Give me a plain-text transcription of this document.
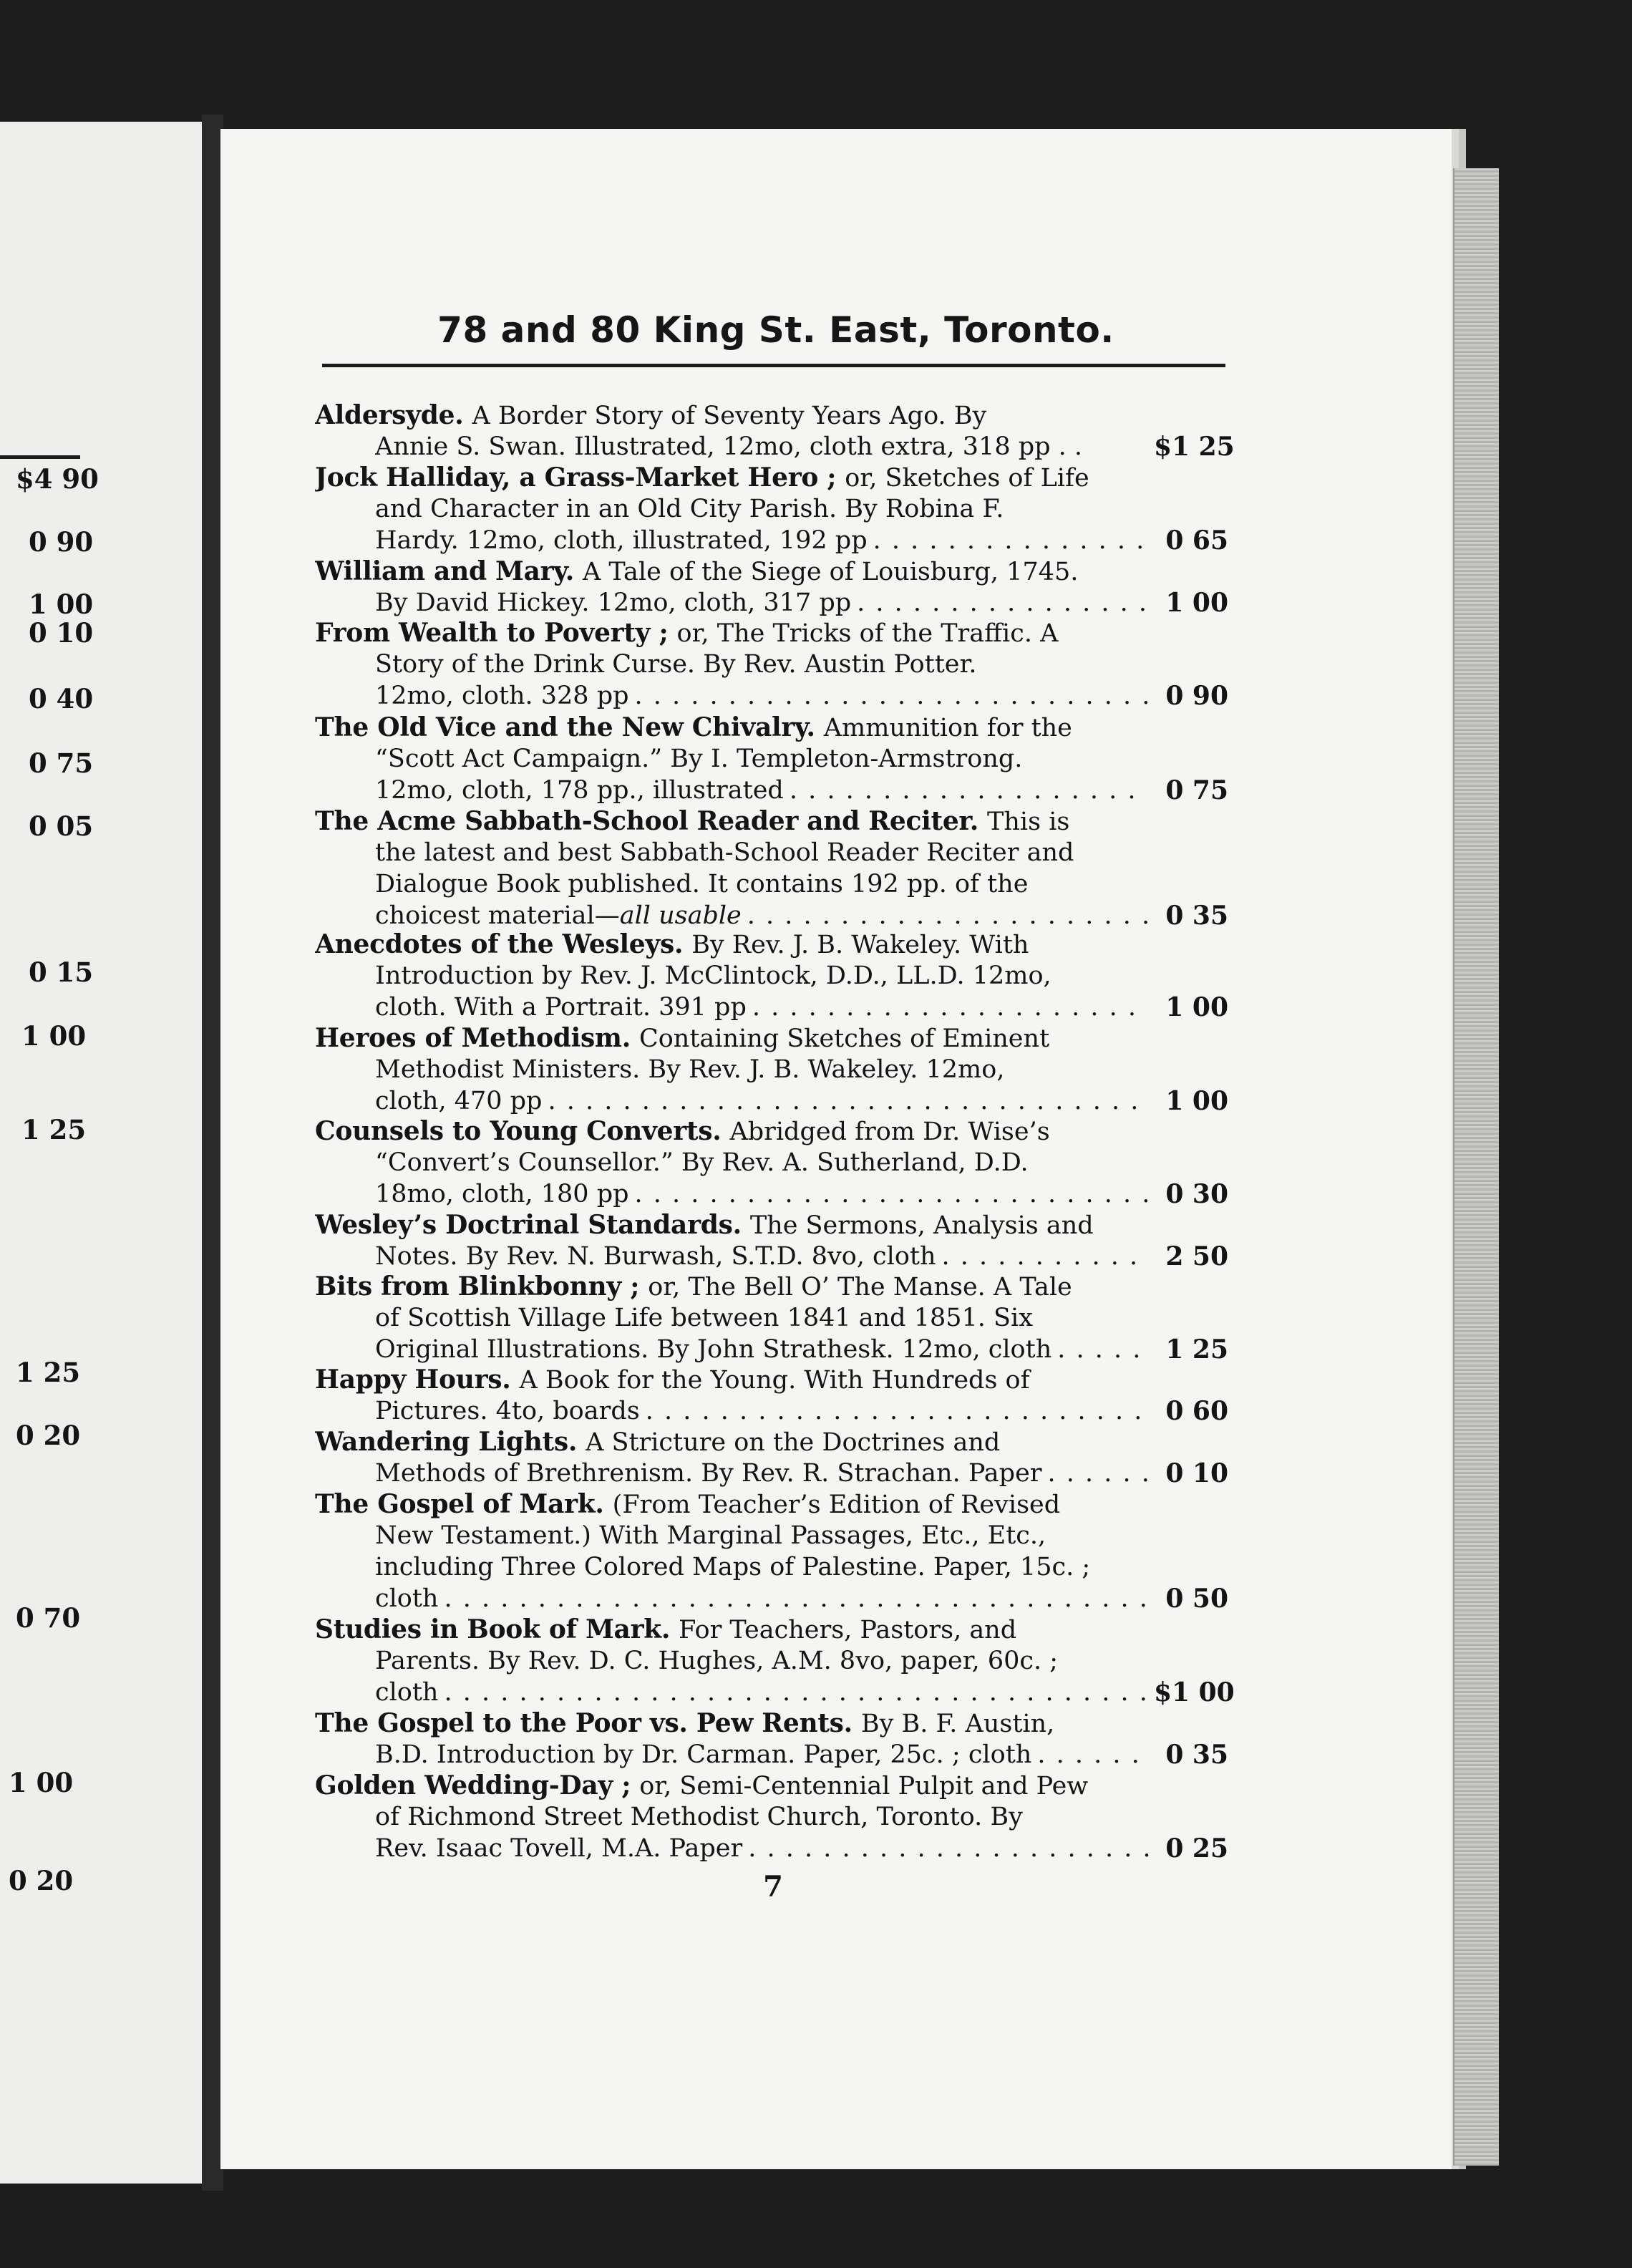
$4 90
0 90
1 00
0 10
0 40
0 75
0 05
0 15
1 00
1 25
1 25
0 20
0 70
1 00
0 20
78 and 80 King St. East, Toronto.
Aldersyde. A Border Story of Seventy Years Ago. By
Annie S. Swan. Illustrated, 12mo, cloth extra, 318 pp . .	$1 25
Jock Halliday, a Grass-Market Hero ; or, Sketches of Life
and Character in an Old City Parish. By Robina F.
Hardy. 12mo, cloth, illustrated, 192 pp . . .	0 65
William and Mary. A Tale of the Siege of Louisburg, 1745.
By David Hickey. 12mo, cloth, 317 pp . . .	1 00
From Wealth to Poverty ; or, The Tricks of the Traffic. A
Story of the Drink Curse. By Rev. Austin Potter.
12mo, cloth. 328 pp . . .	0 90
The Old Vice and the New Chivalry. Ammunition for the
“Scott Act Campaign.” By I. Templeton-Armstrong.
12mo, cloth, 178 pp., illustrated . . .	0 75
The Acme Sabbath-School Reader and Reciter. This is
the latest and best Sabbath-School Reader Reciter and
Dialogue Book published. It contains 192 pp. of the
choicest material— all usable . . .	0 35
Anecdotes of the Wesleys. By Rev. J. B. Wakeley. With
Introduction by Rev. J. McClintock, D.D., LL.D. 12mo,
cloth. With a Portrait. 391 pp . . .	1 00
Heroes of Methodism. Containing Sketches of Eminent
Methodist Ministers. By Rev. J. B. Wakeley. 12mo,
cloth, 470 pp . . .	1 00
Counsels to Young Converts. Abridged from Dr. Wise’s
“Convert’s Counsellor.” By Rev. A. Sutherland, D.D.
18mo, cloth, 180 pp . . .	0 30
Wesley’s Doctrinal Standards. The Sermons, Analysis and
Notes. By Rev. N. Burwash, S.T.D. 8vo, cloth . . .	2 50
Bits from Blinkbonny ; or, The Bell O’ The Manse. A Tale
of Scottish Village Life between 1841 and 1851. Six
Original Illustrations. By John Strathesk. 12mo, cloth . . .	1 25
Happy Hours. A Book for the Young. With Hundreds of
Pictures. 4to, boards . . .	0 60
Wandering Lights. A Stricture on the Doctrines and
Methods of Brethrenism. By Rev. R. Strachan. Paper . . .	0 10
The Gospel of Mark. (From Teacher’s Edition of Revised
New Testament.) With Marginal Passages, Etc., Etc.,
including Three Colored Maps of Palestine. Paper, 15c. ;
cloth . . .	0 50
Studies in Book of Mark. For Teachers, Pastors, and
Parents. By Rev. D. C. Hughes, A.M. 8vo, paper, 60c. ;
cloth . . .	$1 00
The Gospel to the Poor vs. Pew Rents. By B. F. Austin,
B.D. Introduction by Dr. Carman. Paper, 25c. ; cloth . . .	0 35
Golden Wedding-Day ; or, Semi-Centennial Pulpit and Pew
of Richmond Street Methodist Church, Toronto. By
Rev. Isaac Tovell, M.A. Paper . . .	0 25
7
